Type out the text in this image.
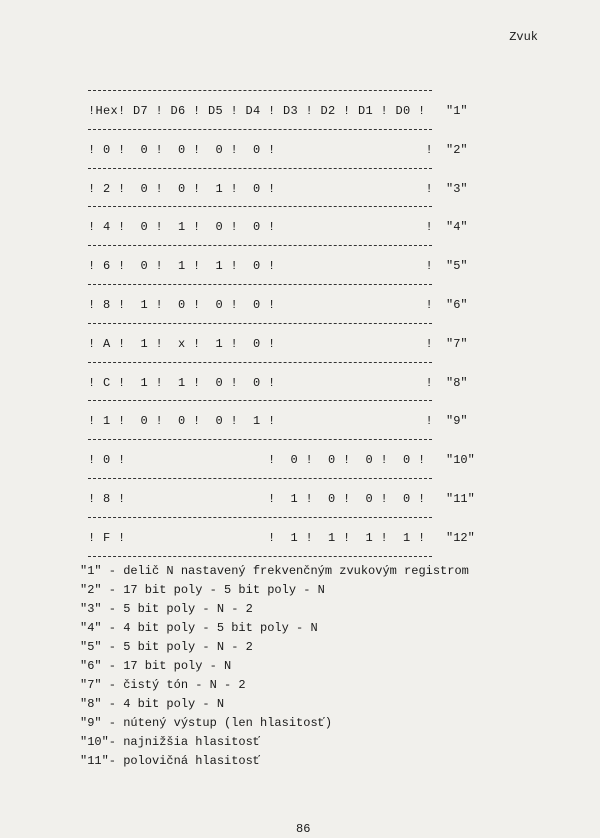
Zvuk
!Hex! D7 ! D6 ! D5 ! D4 ! D3 ! D2 ! D1 ! D0 ! "1"
! 0 !  0 !  0 !  0 !  0 !                    ! "2"
! 2 !  0 !  0 !  1 !  0 !                    ! "3"
! 4 !  0 !  1 !  0 !  0 !                    ! "4"
! 6 !  0 !  1 !  1 !  0 !                    ! "5"
! 8 !  1 !  0 !  0 !  0 !                    ! "6"
! A !  1 !  x !  1 !  0 !                    ! "7"
! C !  1 !  1 !  0 !  0 !                    ! "8"
! 1 !  0 !  0 !  0 !  1 !                    ! "9"
! 0 !                   !  0 !  0 !  0 !  0 ! "10"
! 8 !                   !  1 !  0 !  0 !  0 ! "11"
! F !                   !  1 !  1 !  1 !  1 ! "12"
"1" - delič N nastavený frekvenčným zvukovým registrom
"2" - 17 bit poly - 5 bit poly - N
"3" - 5 bit poly - N - 2
"4" - 4 bit poly - 5 bit poly - N
"5" - 5 bit poly - N - 2
"6" - 17 bit poly - N
"7" - čistý tón - N - 2
"8" - 4 bit poly - N
"9" - nútený výstup (len hlasitosť)
"10"- najnižšia hlasitosť
"11"- polovičná hlasitosť
86
